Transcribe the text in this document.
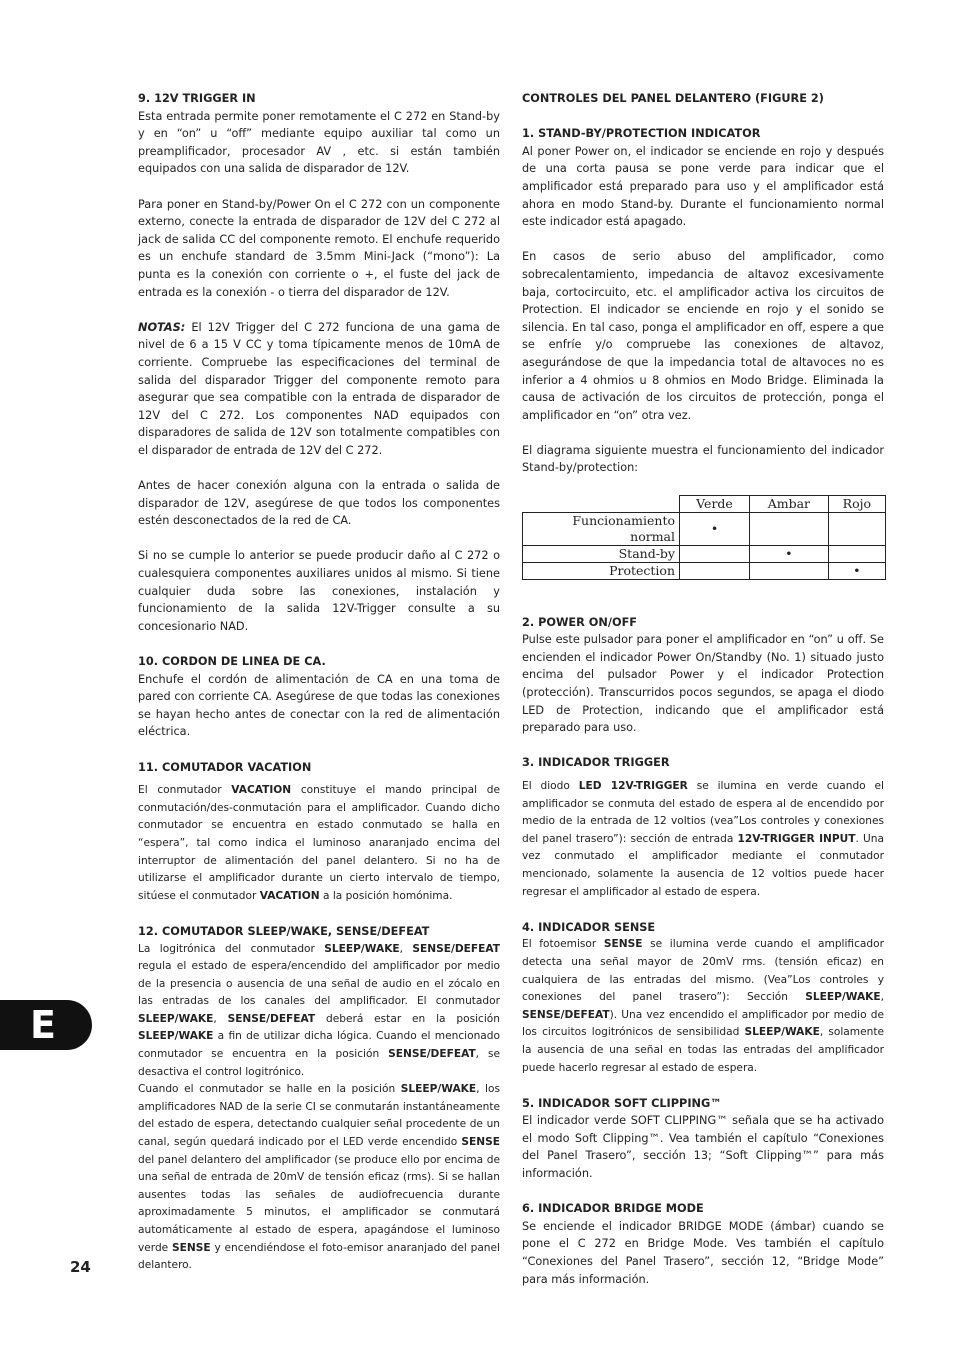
9. 12V TRIGGER IN

Esta entrada permite poner remotamente el C 272 en Stand-by y en “on” u “off” mediante equipo auxiliar tal como un preamplificador, procesador AV , etc. si están también equipados con una salida de disparador de 12V.

Para poner en Stand-by/Power On el C 272 con un componente externo, conecte la entrada de disparador de 12V del C 272 al jack de salida CC del componente remoto. El enchufe requerido es un enchufe standard de 3.5mm Mini-Jack (“mono”): La punta es la conexión con corriente o +, el fuste del jack de entrada es la conexión - o tierra del disparador de 12V.

NOTAS: El 12V Trigger del C 272 funciona de una gama de nivel de 6 a 15 V CC y toma típicamente menos de 10mA de corriente. Compruebe las especificaciones del terminal de salida del disparador Trigger del componente remoto para asegurar que sea compatible con la entrada de disparador de 12V del C 272. Los componentes NAD equipados con disparadores de salida de 12V son totalmente compatibles con el disparador de entrada de 12V del C 272.

Antes de hacer conexión alguna con la entrada o salida de disparador de 12V, asegúrese de que todos los componentes estén desconectados de la red de CA.

Si no se cumple lo anterior se puede producir daño al C 272 o cualesquiera componentes auxiliares unidos al mismo. Si tiene cualquier duda sobre las conexiones, instalación y funcionamiento de la salida 12V-Trigger consulte a su concesionario NAD.

10. CORDON DE LINEA DE CA.

Enchufe el cordón de alimentación de CA en una toma de pared con corriente CA. Asegúrese de que todas las conexiones se hayan hecho antes de conectar con la red de alimentación eléctrica.

11. COMUTADOR VACATION

El conmutador VACATION constituye el mando principal de conmutación/des-conmutación para el amplificador. Cuando dicho conmutador se encuentra en estado conmutado se halla en “espera”, tal como indica el luminoso anaranjado encima del interruptor de alimentación del panel delantero. Si no ha de utilizarse el amplificador durante un cierto intervalo de tiempo, sitúese el conmutador VACATION a la posición homónima.

12. COMUTADOR SLEEP/WAKE, SENSE/DEFEAT

La logitrónica del conmutador SLEEP/WAKE, SENSE/DEFEAT regula el estado de espera/encendido del amplificador por medio de la presencia o ausencia de una señal de audio en el zócalo en las entradas de los canales del amplificador. El conmutador SLEEP/WAKE, SENSE/DEFEAT deberá estar en la posición SLEEP/WAKE a fin de utilizar dicha lógica. Cuando el mencionado conmutador se encuentra en la posición SENSE/DEFEAT, se desactiva el control logitrónico.

Cuando el conmutador se halle en la posición SLEEP/WAKE, los amplificadores NAD de la serie CI se conmutarán instantáneamente del estado de espera, detectando cualquier señal procedente de un canal, según quedará indicado por el LED verde encendido SENSE del panel delantero del amplificador (se produce ello por encima de una señal de entrada de 20mV de tensión eficaz (rms). Si se hallan ausentes todas las señales de audiofrecuencia durante aproximadamente 5 minutos, el amplificador se conmutará automáticamente al estado de espera, apagándose el luminoso verde SENSE y encendiéndose el foto-emisor anaranjado del panel delantero.

CONTROLES DEL PANEL DELANTERO (FIGURE 2)

1. STAND-BY/PROTECTION INDICATOR

Al poner Power on, el indicador se enciende en rojo y después de una corta pausa se pone verde para indicar que el amplificador está preparado para uso y el amplificador está ahora en modo Stand-by. Durante el funcionamiento normal este indicador está apagado.

En casos de serio abuso del amplificador, como sobrecalentamiento, impedancia de altavoz excesivamente baja, cortocircuito, etc. el amplificador activa los circuitos de Protection. El indicador se enciende en rojo y el sonido se silencia. En tal caso, ponga el amplificador en off, espere a que se enfríe y/o compruebe las conexiones de altavoz, asegurándose de que la impedancia total de altavoces no es inferior a 4 ohmios u 8 ohmios en Modo Bridge. Eliminada la causa de activación de los circuitos de protección, ponga el amplificador en “on” otra vez.

El diagrama siguiente muestra el funcionamiento del indicador Stand-by/protection:

	Verde	Ambar	Rojo
Funcionamiento normal	•		
Stand-by		•	
Protection			•
2. POWER ON/OFF

Pulse este pulsador para poner el amplificador en “on” u off. Se encienden el indicador Power On/Standby (No. 1) situado justo encima del pulsador Power y el indicador Protection (protección). Transcurridos pocos segundos, se apaga el diodo LED de Protection, indicando que el amplificador está preparado para uso.

3. INDICADOR TRIGGER

El diodo LED 12V-TRIGGER se ilumina en verde cuando el amplificador se conmuta del estado de espera al de encendido por medio de la entrada de 12 voltios (vea”Los controles y conexiones del panel trasero”): sección de entrada 12V-TRIGGER INPUT. Una vez conmutado el amplificador mediante el conmutador mencionado, solamente la ausencia de 12 voltios puede hacer regresar el amplificador al estado de espera.

4. INDICADOR SENSE

El fotoemisor SENSE se ilumina verde cuando el amplificador detecta una señal mayor de 20mV rms. (tensión eficaz) en cualquiera de las entradas del mismo. (Vea”Los controles y conexiones del panel trasero”): Sección SLEEP/WAKE, SENSE/DEFEAT). Una vez encendido el amplificador por medio de los circuitos logitrónicos de sensibilidad SLEEP/WAKE, solamente la ausencia de una señal en todas las entradas del amplificador puede hacerlo regresar al estado de espera.

5. INDICADOR SOFT CLIPPING™

El indicador verde SOFT CLIPPING™ señala que se ha activado el modo Soft Clipping™. Vea también el capítulo “Conexiones del Panel Trasero”, sección 13; “Soft Clipping™” para más información.

6. INDICADOR BRIDGE MODE

Se enciende el indicador BRIDGE MODE (ámbar) cuando se pone el C 272 en Bridge Mode. Ves también el capítulo “Conexiones del Panel Trasero”, sección 12, “Bridge Mode” para más información.

E
24
